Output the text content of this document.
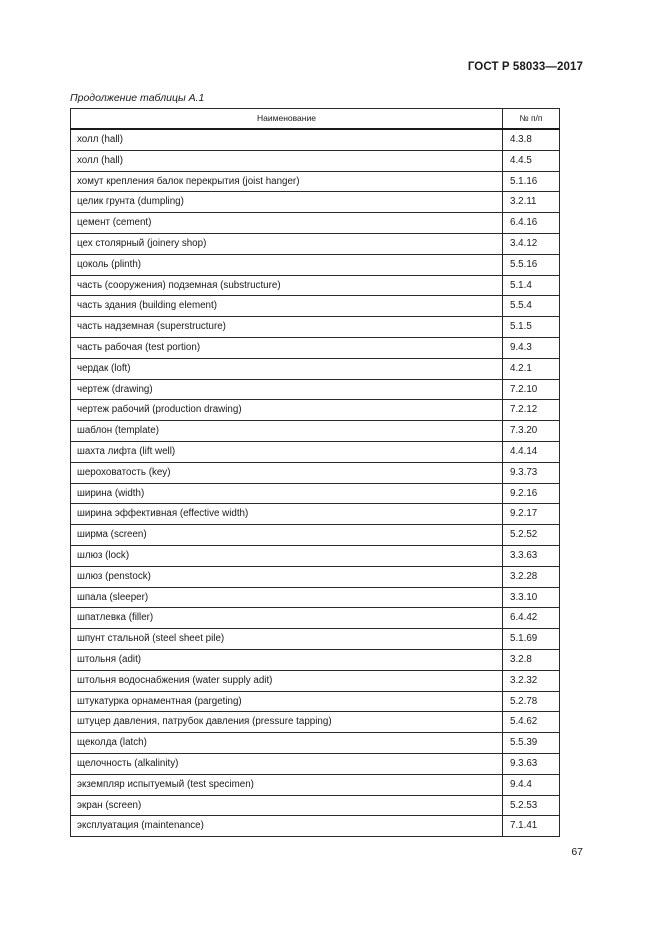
ГОСТ Р 58033—2017
Продолжение таблицы А.1
Наименование	№ п/п
холл (hall)	4.3.8
холл (hall)	4.4.5
хомут крепления балок перекрытия (joist hanger)	5.1.16
целик грунта (dumpling)	3.2.11
цемент (cement)	6.4.16
цех столярный (joinery shop)	3.4.12
цоколь (plinth)	5.5.16
часть (сооружения) подземная (substructure)	5.1.4
часть здания (building element)	5.5.4
часть надземная (superstructure)	5.1.5
часть рабочая (test portion)	9.4.3
чердак (loft)	4.2.1
чертеж (drawing)	7.2.10
чертеж рабочий (production drawing)	7.2.12
шаблон (template)	7.3.20
шахта лифта (lift well)	4.4.14
шероховатость (key)	9.3.73
ширина (width)	9.2.16
ширина эффективная (effective width)	9.2.17
ширма (screen)	5.2.52
шлюз (lock)	3.3.63
шлюз (penstock)	3.2.28
шпала (sleeper)	3.3.10
шпатлевка (filler)	6.4.42
шпунт стальной (steel sheet pile)	5.1.69
штольня (adit)	3.2.8
штольня водоснабжения (water supply adit)	3.2.32
штукатурка орнаментная (pargeting)	5.2.78
штуцер давления, патрубок давления (pressure tapping)	5.4.62
щеколда (latch)	5.5.39
щелочность (alkalinity)	9.3.63
экземпляр испытуемый (test specimen)	9.4.4
экран (screen)	5.2.53
эксплуатация (maintenance)	7.1.41
67
